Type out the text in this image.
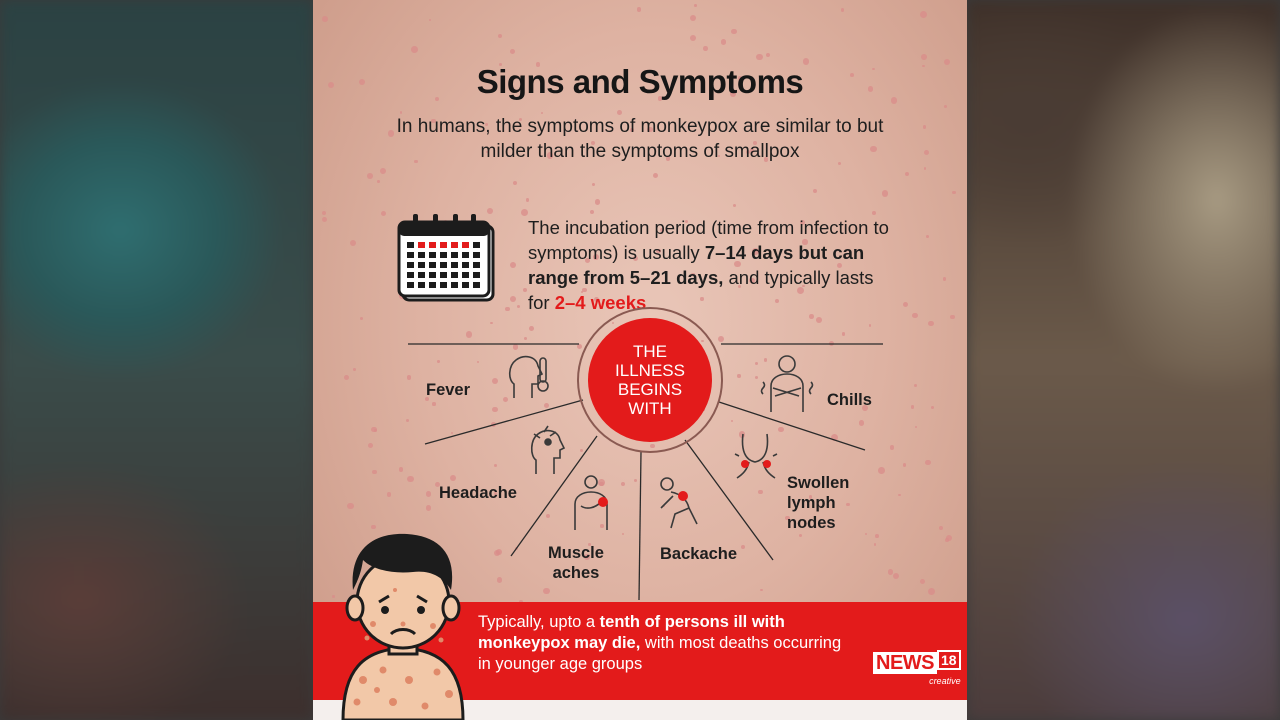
Signs and Symptoms
In humans, the symptoms of monkeypox are similar to but milder than the symptoms of smallpox
The incubation period (time from infection to symptoms) is usually 7–14 days but can range from 5–21 days, and typically lasts for 2–4 weeks
THE
ILLNESS
BEGINS
WITH
Fever
Chills
Headache
Swollen
lymph
nodes
Muscle
aches
Backache
Typically, upto a tenth of persons ill with monkeypox may die, with most deaths occurring in younger age groups	NEWS 18
creative
